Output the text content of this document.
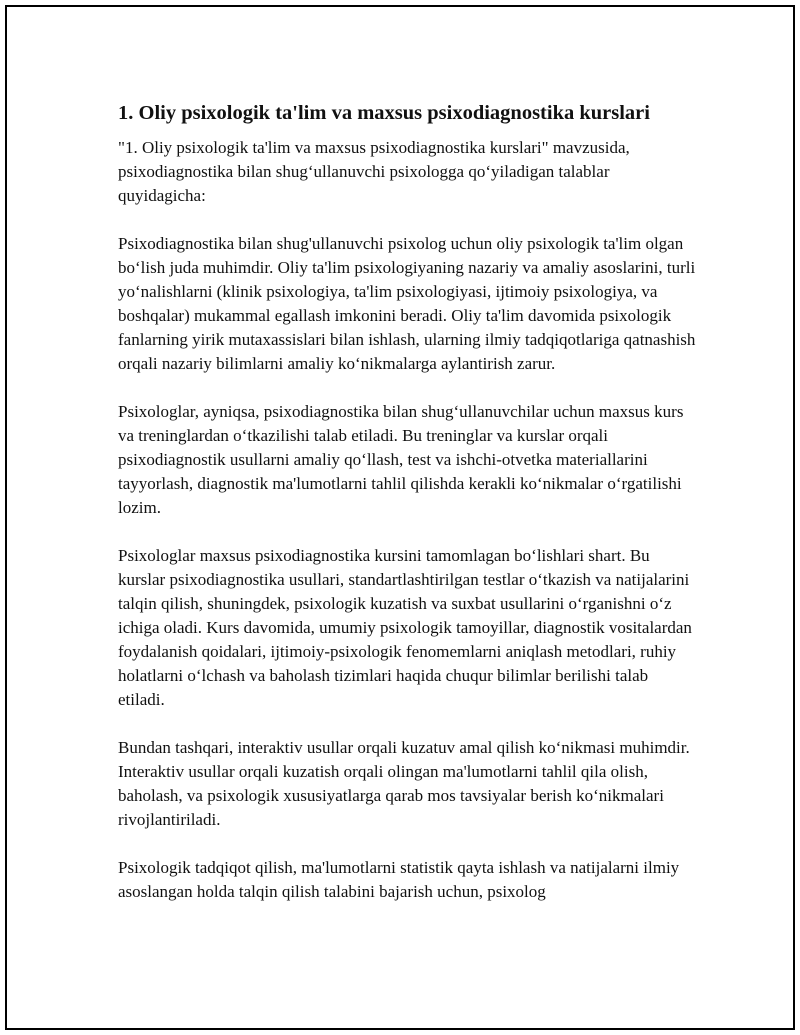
1. Oliy psixologik ta'lim va maxsus psixodiagnostika kurslari

"1. Oliy psixologik ta'lim va maxsus psixodiagnostika kurslari" mavzusida, psixodiagnostika bilan shug‘ullanuvchi psixologga qo‘yiladigan talablar quyidagicha:

Psixodiagnostika bilan shug'ullanuvchi psixolog uchun oliy psixologik ta'lim olgan bo‘lish juda muhimdir. Oliy ta'lim psixologiyaning nazariy va amaliy asoslarini, turli yo‘nalishlarni (klinik psixologiya, ta'lim psixologiyasi, ijtimoiy psixologiya, va boshqalar) mukammal egallash imkonini beradi. Oliy ta'lim davomida psixologik fanlarning yirik mutaxassislari bilan ishlash, ularning ilmiy tadqiqotlariga qatnashish orqali nazariy bilimlarni amaliy ko‘nikmalarga aylantirish zarur.

Psixologlar, ayniqsa, psixodiagnostika bilan shug‘ullanuvchilar uchun maxsus kurs va treninglardan o‘tkazilishi talab etiladi. Bu treninglar va kurslar orqali psixodiagnostik usullarni amaliy qo‘llash, test va ishchi-otvetka materiallarini tayyorlash, diagnostik ma'lumotlarni tahlil qilishda kerakli ko‘nikmalar o‘rgatilishi lozim.

Psixologlar maxsus psixodiagnostika kursini tamomlagan bo‘lishlari shart. Bu kurslar psixodiagnostika usullari, standartlashtirilgan testlar o‘tkazish va natijalarini talqin qilish, shuningdek, psixologik kuzatish va suxbat usullarini o‘rganishni o‘z ichiga oladi. Kurs davomida, umumiy psixologik tamoyillar, diagnostik vositalardan foydalanish qoidalari, ijtimoiy-psixologik fenomemlarni aniqlash metodlari, ruhiy holatlarni o‘lchash va baholash tizimlari haqida chuqur bilimlar berilishi talab etiladi.

Bundan tashqari, interaktiv usullar orqali kuzatuv amal qilish ko‘nikmasi muhimdir. Interaktiv usullar orqali kuzatish orqali olingan ma'lumotlarni tahlil qila olish, baholash, va psixologik xususiyatlarga qarab mos tavsiyalar berish ko‘nikmalari rivojlantiriladi.

Psixologik tadqiqot qilish, ma'lumotlarni statistik qayta ishlash va natijalarni ilmiy asoslangan holda talqin qilish talabini bajarish uchun, psixolog
